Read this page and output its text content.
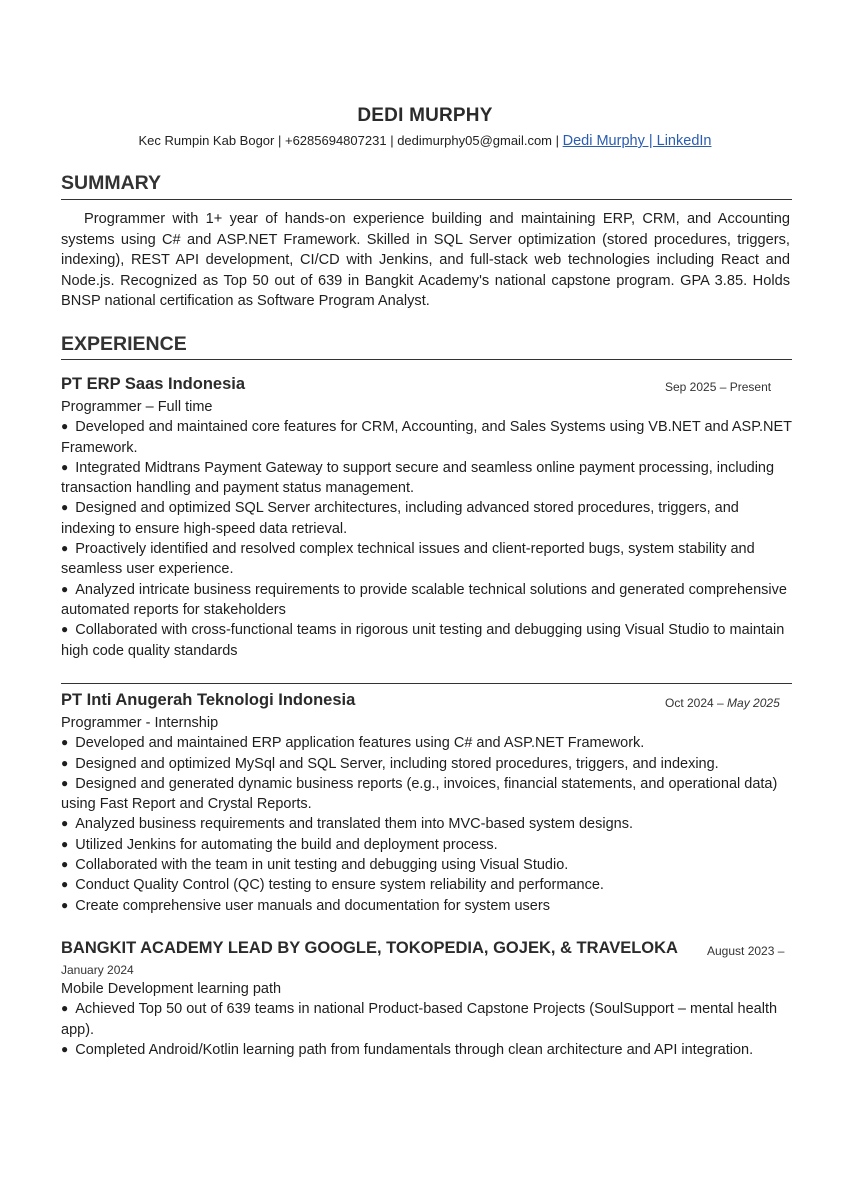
DEDI MURPHY
Kec Rumpin Kab Bogor | +6285694807231 | dedimurphy05@gmail.com | Dedi Murphy | LinkedIn
SUMMARY
Programmer with 1+ year of hands-on experience building and maintaining ERP, CRM, and Accounting systems using C# and ASP.NET Framework. Skilled in SQL Server optimization (stored procedures, triggers, indexing), REST API development, CI/CD with Jenkins, and full-stack web technologies including React and Node.js. Recognized as Top 50 out of 639 in Bangkit Academy's national capstone program. GPA 3.85. Holds BNSP national certification as Software Program Analyst.
EXPERIENCE
PT ERP Saas Indonesia	Sep 2025 – Present
Programmer – Full time
● Developed and maintained core features for CRM, Accounting, and Sales Systems using VB.NET and ASP.NET Framework.
● Integrated Midtrans Payment Gateway to support secure and seamless online payment processing, including transaction handling and payment status management.
● Designed and optimized SQL Server architectures, including advanced stored procedures, triggers, and indexing to ensure high-speed data retrieval.
● Proactively identified and resolved complex technical issues and client-reported bugs, system stability and seamless user experience.
● Analyzed intricate business requirements to provide scalable technical solutions and generated comprehensive automated reports for stakeholders
● Collaborated with cross-functional teams in rigorous unit testing and debugging using Visual Studio to maintain high code quality standards
PT Inti Anugerah Teknologi Indonesia	Oct 2024 – May 2025
Programmer - Internship
● Developed and maintained ERP application features using C# and ASP.NET Framework.
● Designed and optimized MySql and SQL Server, including stored procedures, triggers, and indexing.
● Designed and generated dynamic business reports (e.g., invoices, financial statements, and operational data) using Fast Report and Crystal Reports.
● Analyzed business requirements and translated them into MVC-based system designs.
● Utilized Jenkins for automating the build and deployment process.
● Collaborated with the team in unit testing and debugging using Visual Studio.
● Conduct Quality Control (QC) testing to ensure system reliability and performance.
● Create comprehensive user manuals and documentation for system users
BANGKIT ACADEMY LEAD BY GOOGLE, TOKOPEDIA, GOJEK, & TRAVELOKA August 2023 –
January 2024
Mobile Development learning path
● Achieved Top 50 out of 639 teams in national Product-based Capstone Projects (SoulSupport – mental health app).
● Completed Android/Kotlin learning path from fundamentals through clean architecture and API integration.
